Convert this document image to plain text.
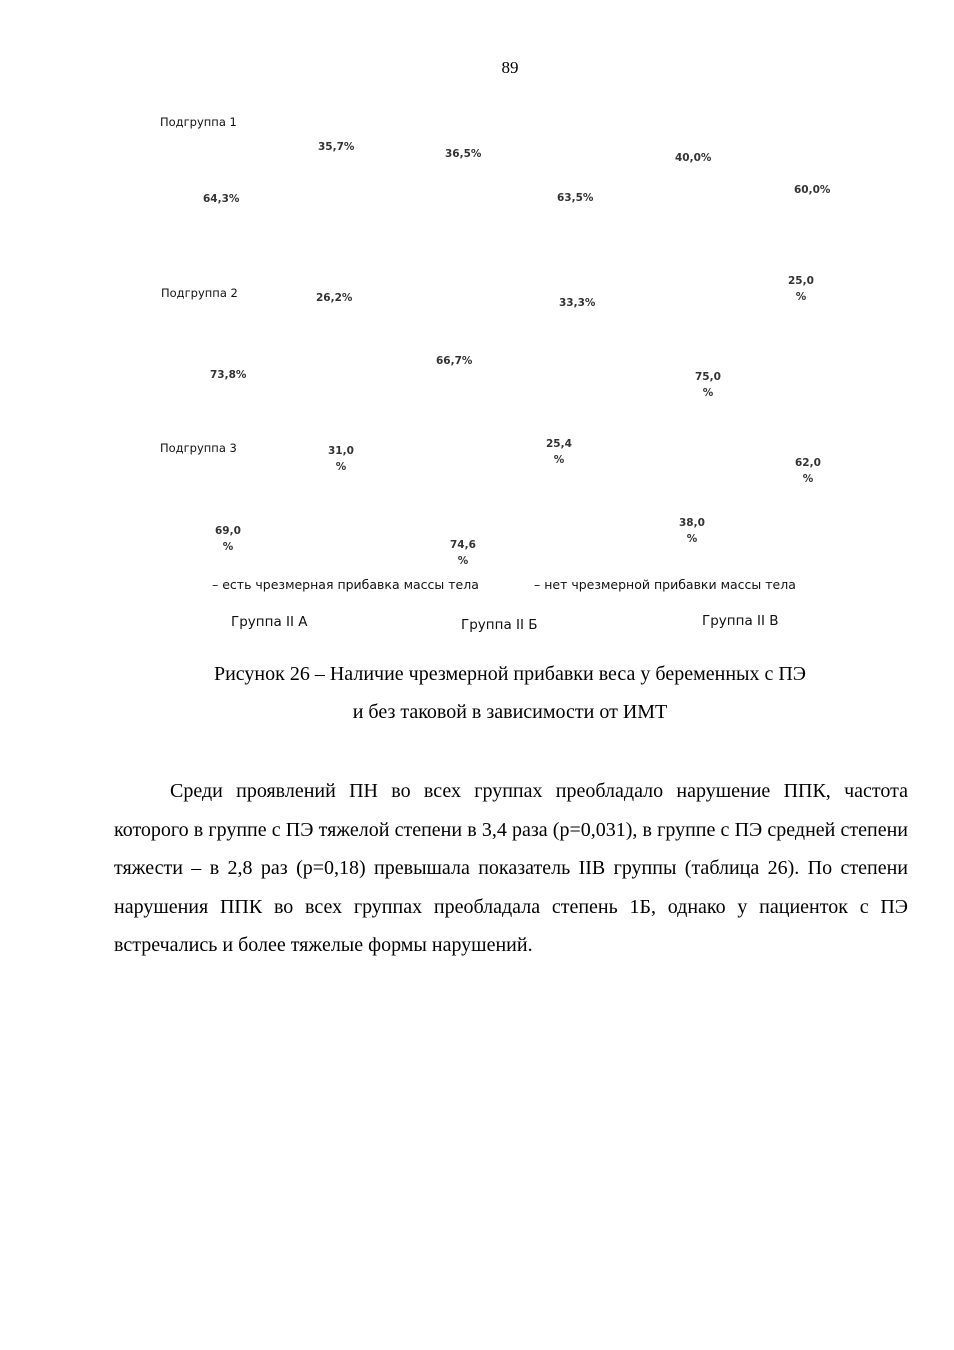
89
Подгруппа 1
Подгруппа 2
Подгруппа 3
35,7%
64,3%
36,5%
63,5%
40,0%
60,0%
26,2%
73,8%
33,3%
66,7%
25,0
%
75,0
%
31,0
%
69,0
%
25,4
%
74,6
%
38,0
%
62,0
%
– есть чрезмерная прибавка массы тела	– нет чрезмерной прибавки массы тела
Группа II А	Группа II Б	Группа II В
Рисунок 26 – Наличие чрезмерной прибавки веса у беременных с ПЭ
и без таковой в зависимости от ИМТ
Среди проявлений ПН во всех группах преобладало нарушение ППК, частота которого в группе с ПЭ тяжелой степени в 3,4 раза (р=0,031), в группе с ПЭ средней степени тяжести – в 2,8 раз (р=0,18) превышала показатель IIВ группы (таблица 26). По степени нарушения ППК во всех группах преобладала степень 1Б, однако у пациенток с ПЭ встречались и более тяжелые формы нарушений.
